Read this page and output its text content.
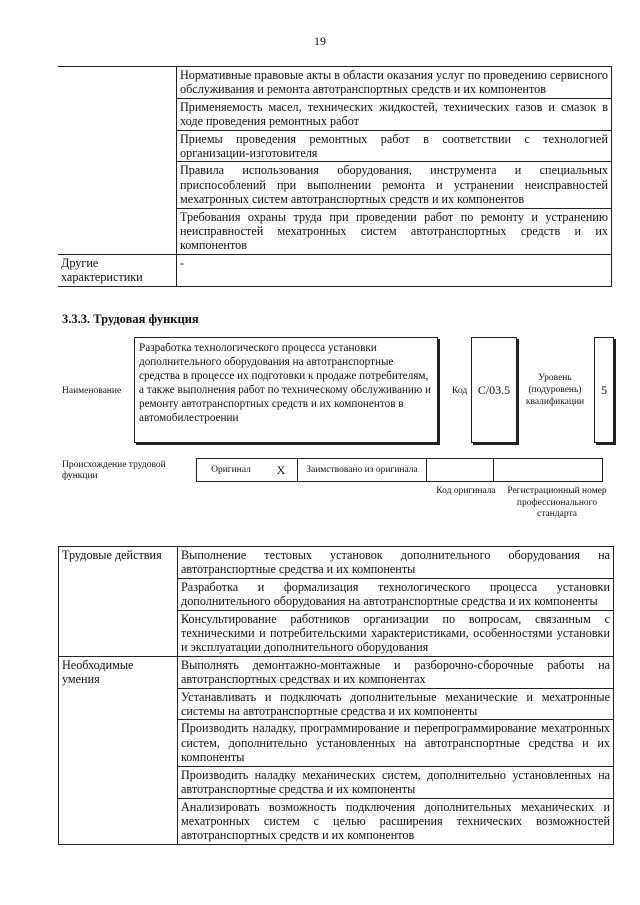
19
	Нормативные правовые акты в области оказания услуг по проведению сервисного обслуживания и ремонта автотранспортных средств и их компонентов
	Применяемость масел, технических жидкостей, технических газов и смазок в ходе проведения ремонтных работ
	Приемы проведения ремонтных работ в соответствии с технологией организации-изготовителя
	Правила использования оборудования, инструмента и специальных приспособлений при выполнении ремонта и устранении неисправностей мехатронных систем автотранспортных средств и их компонентов
	Требования охраны труда при проведении работ по ремонту и устранению неисправностей мехатронных систем автотранспортных средств и их компонентов
Другие характеристики	-
3.3.3. Трудовая функция
Наименование
Разработка технологического процесса установки дополнительного оборудования на автотранспортные средства в процессе их подготовки к продаже потребителям, а также выполнения работ по техническому обслуживанию и ремонту автотранспортных средств и их компонентов в автомобилестроении
Код C/03.5
Уровень (подуровень) квалификации
5
Происхождение трудовой функции
Оригинал	X	Заимствовано из оригинала		
Код оригинала Регистрационный номер профессионального стандарта
Трудовые действия	Выполнение тестовых установок дополнительного оборудования на автотранспортные средства и их компоненты
	Разработка и формализация технологического процесса установки дополнительного оборудования на автотранспортные средства и их компоненты
	Консультирование работников организации по вопросам, связанным с техническими и потребительскими характеристиками, особенностями установки и эксплуатации дополнительного оборудования
Необходимые умения	Выполнять демонтажно-монтажные и разборочно-сборочные работы на автотранспортных средствах и их компонентах
	Устанавливать и подключать дополнительные механические и мехатронные системы на автотранспортные средства и их компоненты
	Производить наладку, программирование и перепрограммирование мехатронных систем, дополнительно установленных на автотранспортные средства и их компоненты
	Производить наладку механических систем, дополнительно установленных на автотранспортные средства и их компоненты
	Анализировать возможность подключения дополнительных механических и мехатронных систем с целью расширения технических возможностей автотранспортных средств и их компонентов
